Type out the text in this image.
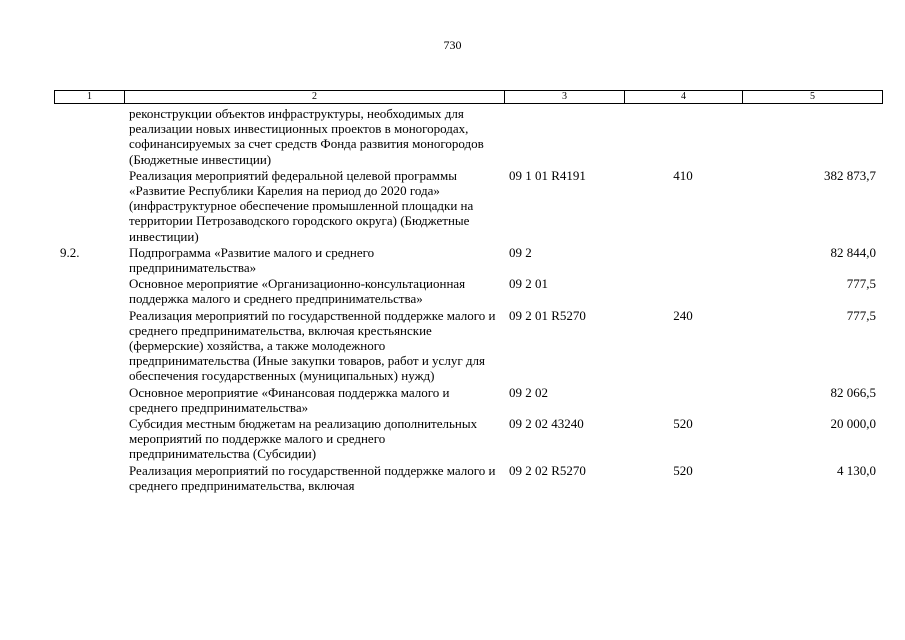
730
1	2	3	4	5
	реконструкции объектов инфраструктуры, необходимых для реализации новых инвестиционных проектов в моногородах, софинансируемых за счет средств Фонда развития моногородов (Бюджетные инвестиции)			
	Реализация мероприятий федеральной целевой программы «Развитие Республики Карелия на период до 2020 года» (инфраструктурное обеспечение промышленной площадки на территории Петрозаводского городского округа) (Бюджетные инвестиции)	09 1 01 R4191	410	382 873,7
9.2.	Подпрограмма «Развитие малого и среднего предпринимательства»	09 2		82 844,0
	Основное мероприятие «Организационно-консультационная поддержка малого и среднего предпринимательства»	09 2 01		777,5
	Реализация мероприятий по государственной поддержке малого и среднего предпринимательства, включая крестьянские (фермерские) хозяйства, а также молодежного предпринимательства (Иные закупки товаров, работ и услуг для обеспечения государственных (муниципальных) нужд)	09 2 01 R5270	240	777,5
	Основное мероприятие «Финансовая поддержка малого и среднего предпринимательства»	09 2 02		82 066,5
	Субсидия местным бюджетам на реализацию дополнительных мероприятий по поддержке малого и среднего предпринимательства (Субсидии)	09 2 02 43240	520	20 000,0
	Реализация мероприятий по государственной поддержке малого и среднего предпринимательства, включая	09 2 02 R5270	520	4 130,0
